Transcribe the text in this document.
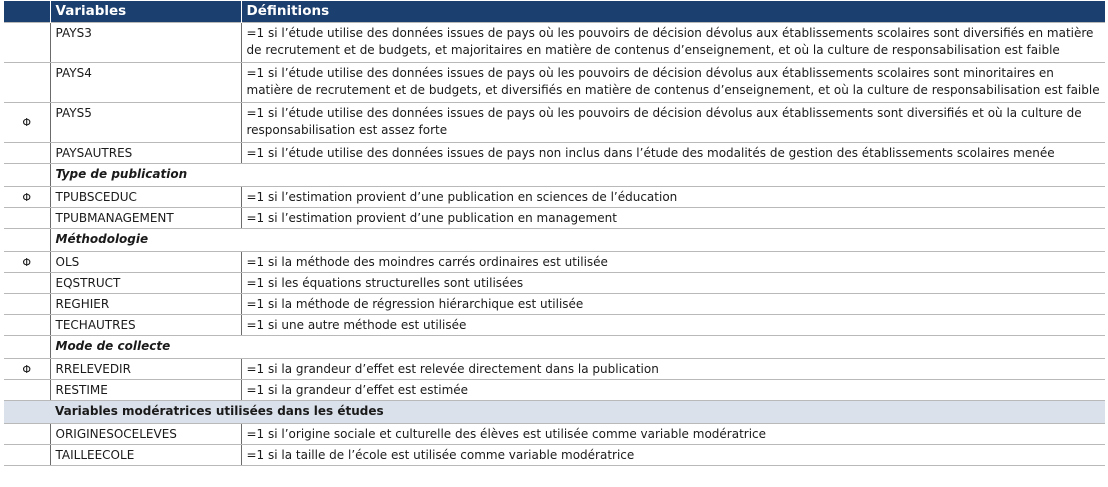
	Variables	Définitions
	PAYS3	=1 si l’étude utilise des données issues de pays où les pouvoirs de décision dévolus aux établissements scolaires sont diversifiés en matière de recrutement et de budgets, et majoritaires en matière de contenus d’enseignement, et où la culture de responsabilisation est faible
	PAYS4	=1 si l’étude utilise des données issues de pays où les pouvoirs de décision dévolus aux établissements scolaires sont minoritaires en matière de recrutement et de budgets, et diversifiés en matière de contenus d’enseignement, et où la culture de responsabilisation est faible
Φ	PAYS5	=1 si l’étude utilise des données issues de pays où les pouvoirs de décision dévolus aux établissements sont diversifiés et où la culture de responsabilisation est assez forte
	PAYSAUTRES	=1 si l’étude utilise des données issues de pays non inclus dans l’étude des modalités de gestion des établissements scolaires menée
	Type de publication	
Φ	TPUBSCEDUC	=1 si l’estimation provient d’une publication en sciences de l’éducation
	TPUBMANAGEMENT	=1 si l’estimation provient d’une publication en management
	Méthodologie	
Φ	OLS	=1 si la méthode des moindres carrés ordinaires est utilisée
	EQSTRUCT	=1 si les équations structurelles sont utilisées
	REGHIER	=1 si la méthode de régression hiérarchique est utilisée
	TECHAUTRES	=1 si une autre méthode est utilisée
	Mode de collecte	
Φ	RRELEVEDIR	=1 si la grandeur d’effet est relevée directement dans la publication
	RESTIME	=1 si la grandeur d’effet est estimée
	Variables modératrices utilisées dans les études	
	ORIGINESOCELEVES	=1 si l’origine sociale et culturelle des élèves est utilisée comme variable modératrice
	TAILLEECOLE	=1 si la taille de l’école est utilisée comme variable modératrice
